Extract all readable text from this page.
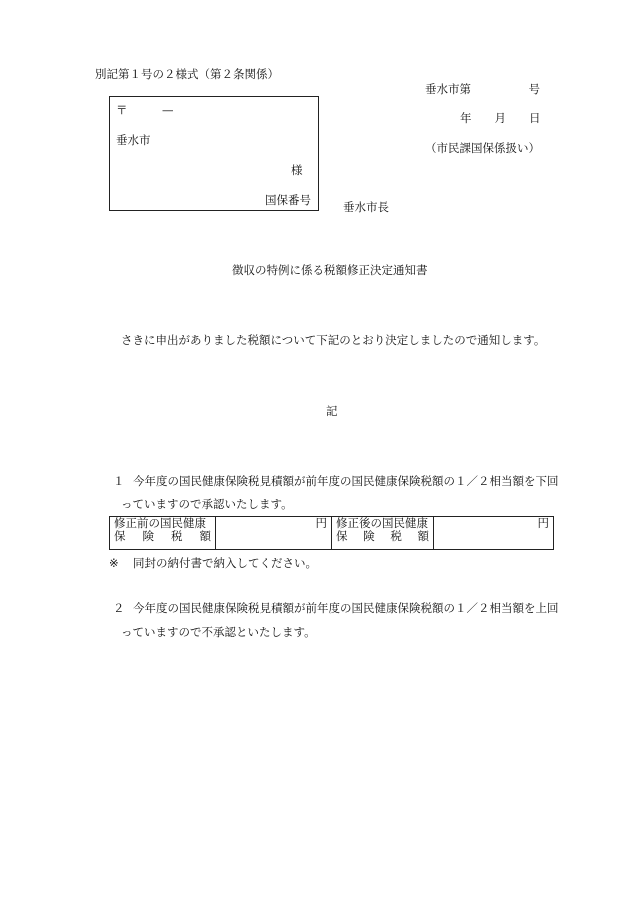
別記第１号の２様式（第２条関係）
〒	—
垂水市
様
国保番号
垂水市第　　　　　号
年　　月　　日
（市民課国保係扱い）
垂水市長
徴収の特例に係る税額修正決定通知書
さきに申出がありました税額について下記のとおり決定しましたので通知します。
記
１ 今年度の国民健康保険税見積額が前年度の国民健康保険税額の１／２相当額を下回
っていますので承認いたします。
修正前の国民健康
保 険 税 額
	円	修正後の国民健康
保 険 税 額
	円
※ 同封の納付書で納入してください。
２ 今年度の国民健康保険税見積額が前年度の国民健康保険税額の１／２相当額を上回
っていますので不承認といたします。
